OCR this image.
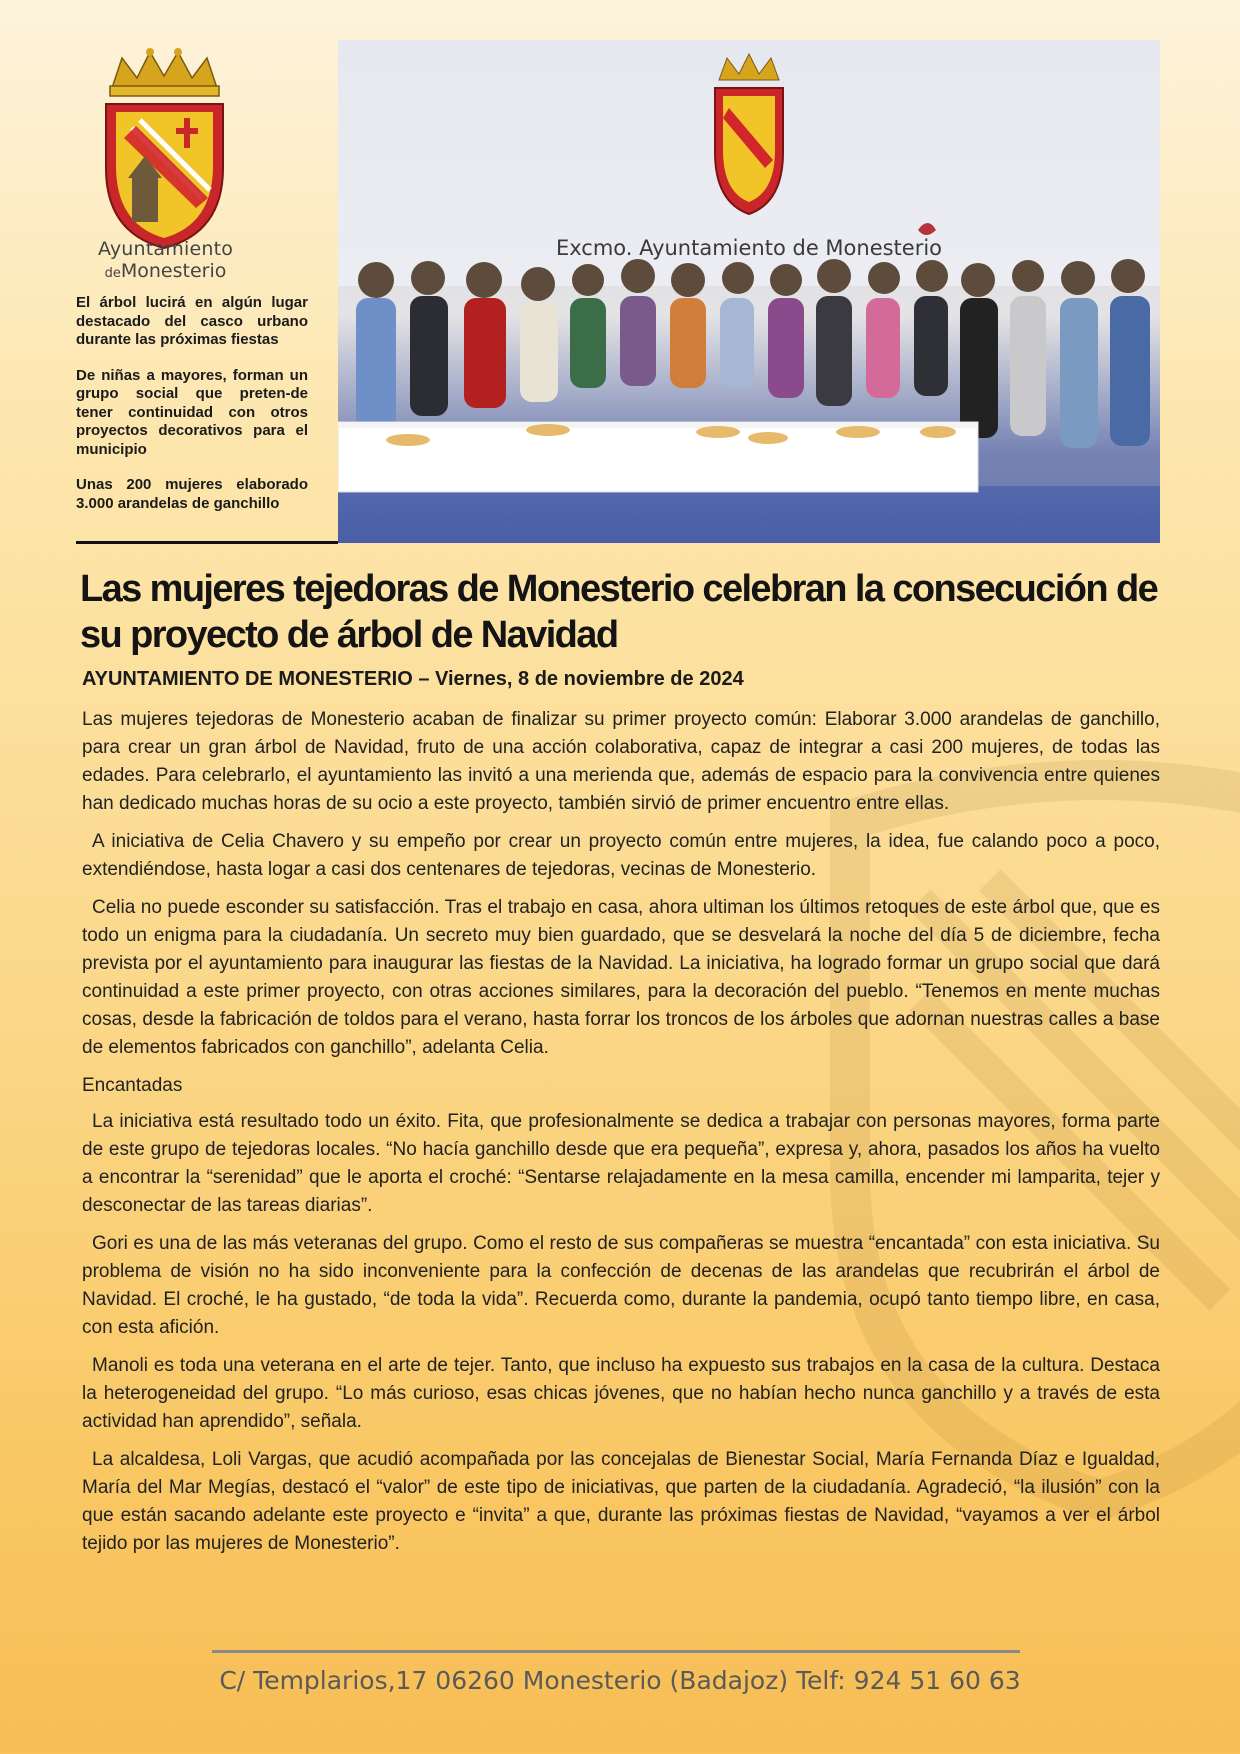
Ayuntamiento
deMonesterio

El árbol lucirá en algún lugar destacado del casco urbano durante las próximas fiestas

De niñas a mayores, forman un grupo social que preten-de tener continuidad con otros proyectos decorativos para el municipio

Unas 200 mujeres elaborado 3.000 arandelas de ganchillo

Excmo. Ayuntamiento de Monesterio
Las mujeres tejedoras de Monesterio celebran la consecución de su proyecto de árbol de Navidad
AYUNTAMIENTO DE MONESTERIO – Viernes, 8 de noviembre de 2024

Las mujeres tejedoras de Monesterio acaban de finalizar su primer proyecto común: Elaborar 3.000 arandelas de ganchillo, para crear un gran árbol de Navidad, fruto de una acción colaborativa, capaz de integrar a casi 200 mujeres, de todas las edades. Para celebrarlo, el ayuntamiento las invitó a una merienda que, además de espacio para la convivencia entre quienes han dedicado muchas horas de su ocio a este proyecto, también sirvió de primer encuentro entre ellas.

A iniciativa de Celia Chavero y su empeño por crear un proyecto común entre mujeres, la idea, fue calando poco a poco, extendiéndose, hasta logar a casi dos centenares de tejedoras, vecinas de Monesterio.

Celia no puede esconder su satisfacción. Tras el trabajo en casa, ahora ultiman los últimos retoques de este árbol que, que es todo un enigma para la ciudadanía. Un secreto muy bien guardado, que se desvelará la noche del día 5 de diciembre, fecha prevista por el ayuntamiento para inaugurar las fiestas de la Navidad. La iniciativa, ha logrado formar un grupo social que dará continuidad a este primer proyecto, con otras acciones similares, para la decoración del pueblo. “Tenemos en mente muchas cosas, desde la fabricación de toldos para el verano, hasta forrar los troncos de los árboles que adornan nuestras calles a base de elementos fabricados con ganchillo”, adelanta Celia.

Encantadas

La iniciativa está resultado todo un éxito. Fita, que profesionalmente se dedica a trabajar con personas mayores, forma parte de este grupo de tejedoras locales. “No hacía ganchillo desde que era pequeña”, expresa y, ahora, pasados los años ha vuelto a encontrar la “serenidad” que le aporta el croché: “Sentarse relajadamente en la mesa camilla, encender mi lamparita, tejer y desconectar de las tareas diarias”.

Gori es una de las más veteranas del grupo. Como el resto de sus compañeras se muestra “encantada” con esta iniciativa. Su problema de visión no ha sido inconveniente para la confección de decenas de las arandelas que recubrirán el árbol de Navidad. El croché, le ha gustado, “de toda la vida”. Recuerda como, durante la pandemia, ocupó tanto tiempo libre, en casa, con esta afición.

Manoli es toda una veterana en el arte de tejer. Tanto, que incluso ha expuesto sus trabajos en la casa de la cultura. Destaca la heterogeneidad del grupo. “Lo más curioso, esas chicas jóvenes, que no habían hecho nunca ganchillo y a través de esta actividad han aprendido”, señala.

La alcaldesa, Loli Vargas, que acudió acompañada por las concejalas de Bienestar Social, María Fernanda Díaz e Igualdad, María del Mar Megías, destacó el “valor” de este tipo de iniciativas, que parten de la ciudadanía. Agradeció, “la ilusión” con la que están sacando adelante este proyecto e “invita” a que, durante las próximas fiestas de Navidad, “vayamos a ver el árbol tejido por las mujeres de Monesterio”.

C/ Templarios,17 06260 Monesterio (Badajoz) Telf: 924 51 60 63
